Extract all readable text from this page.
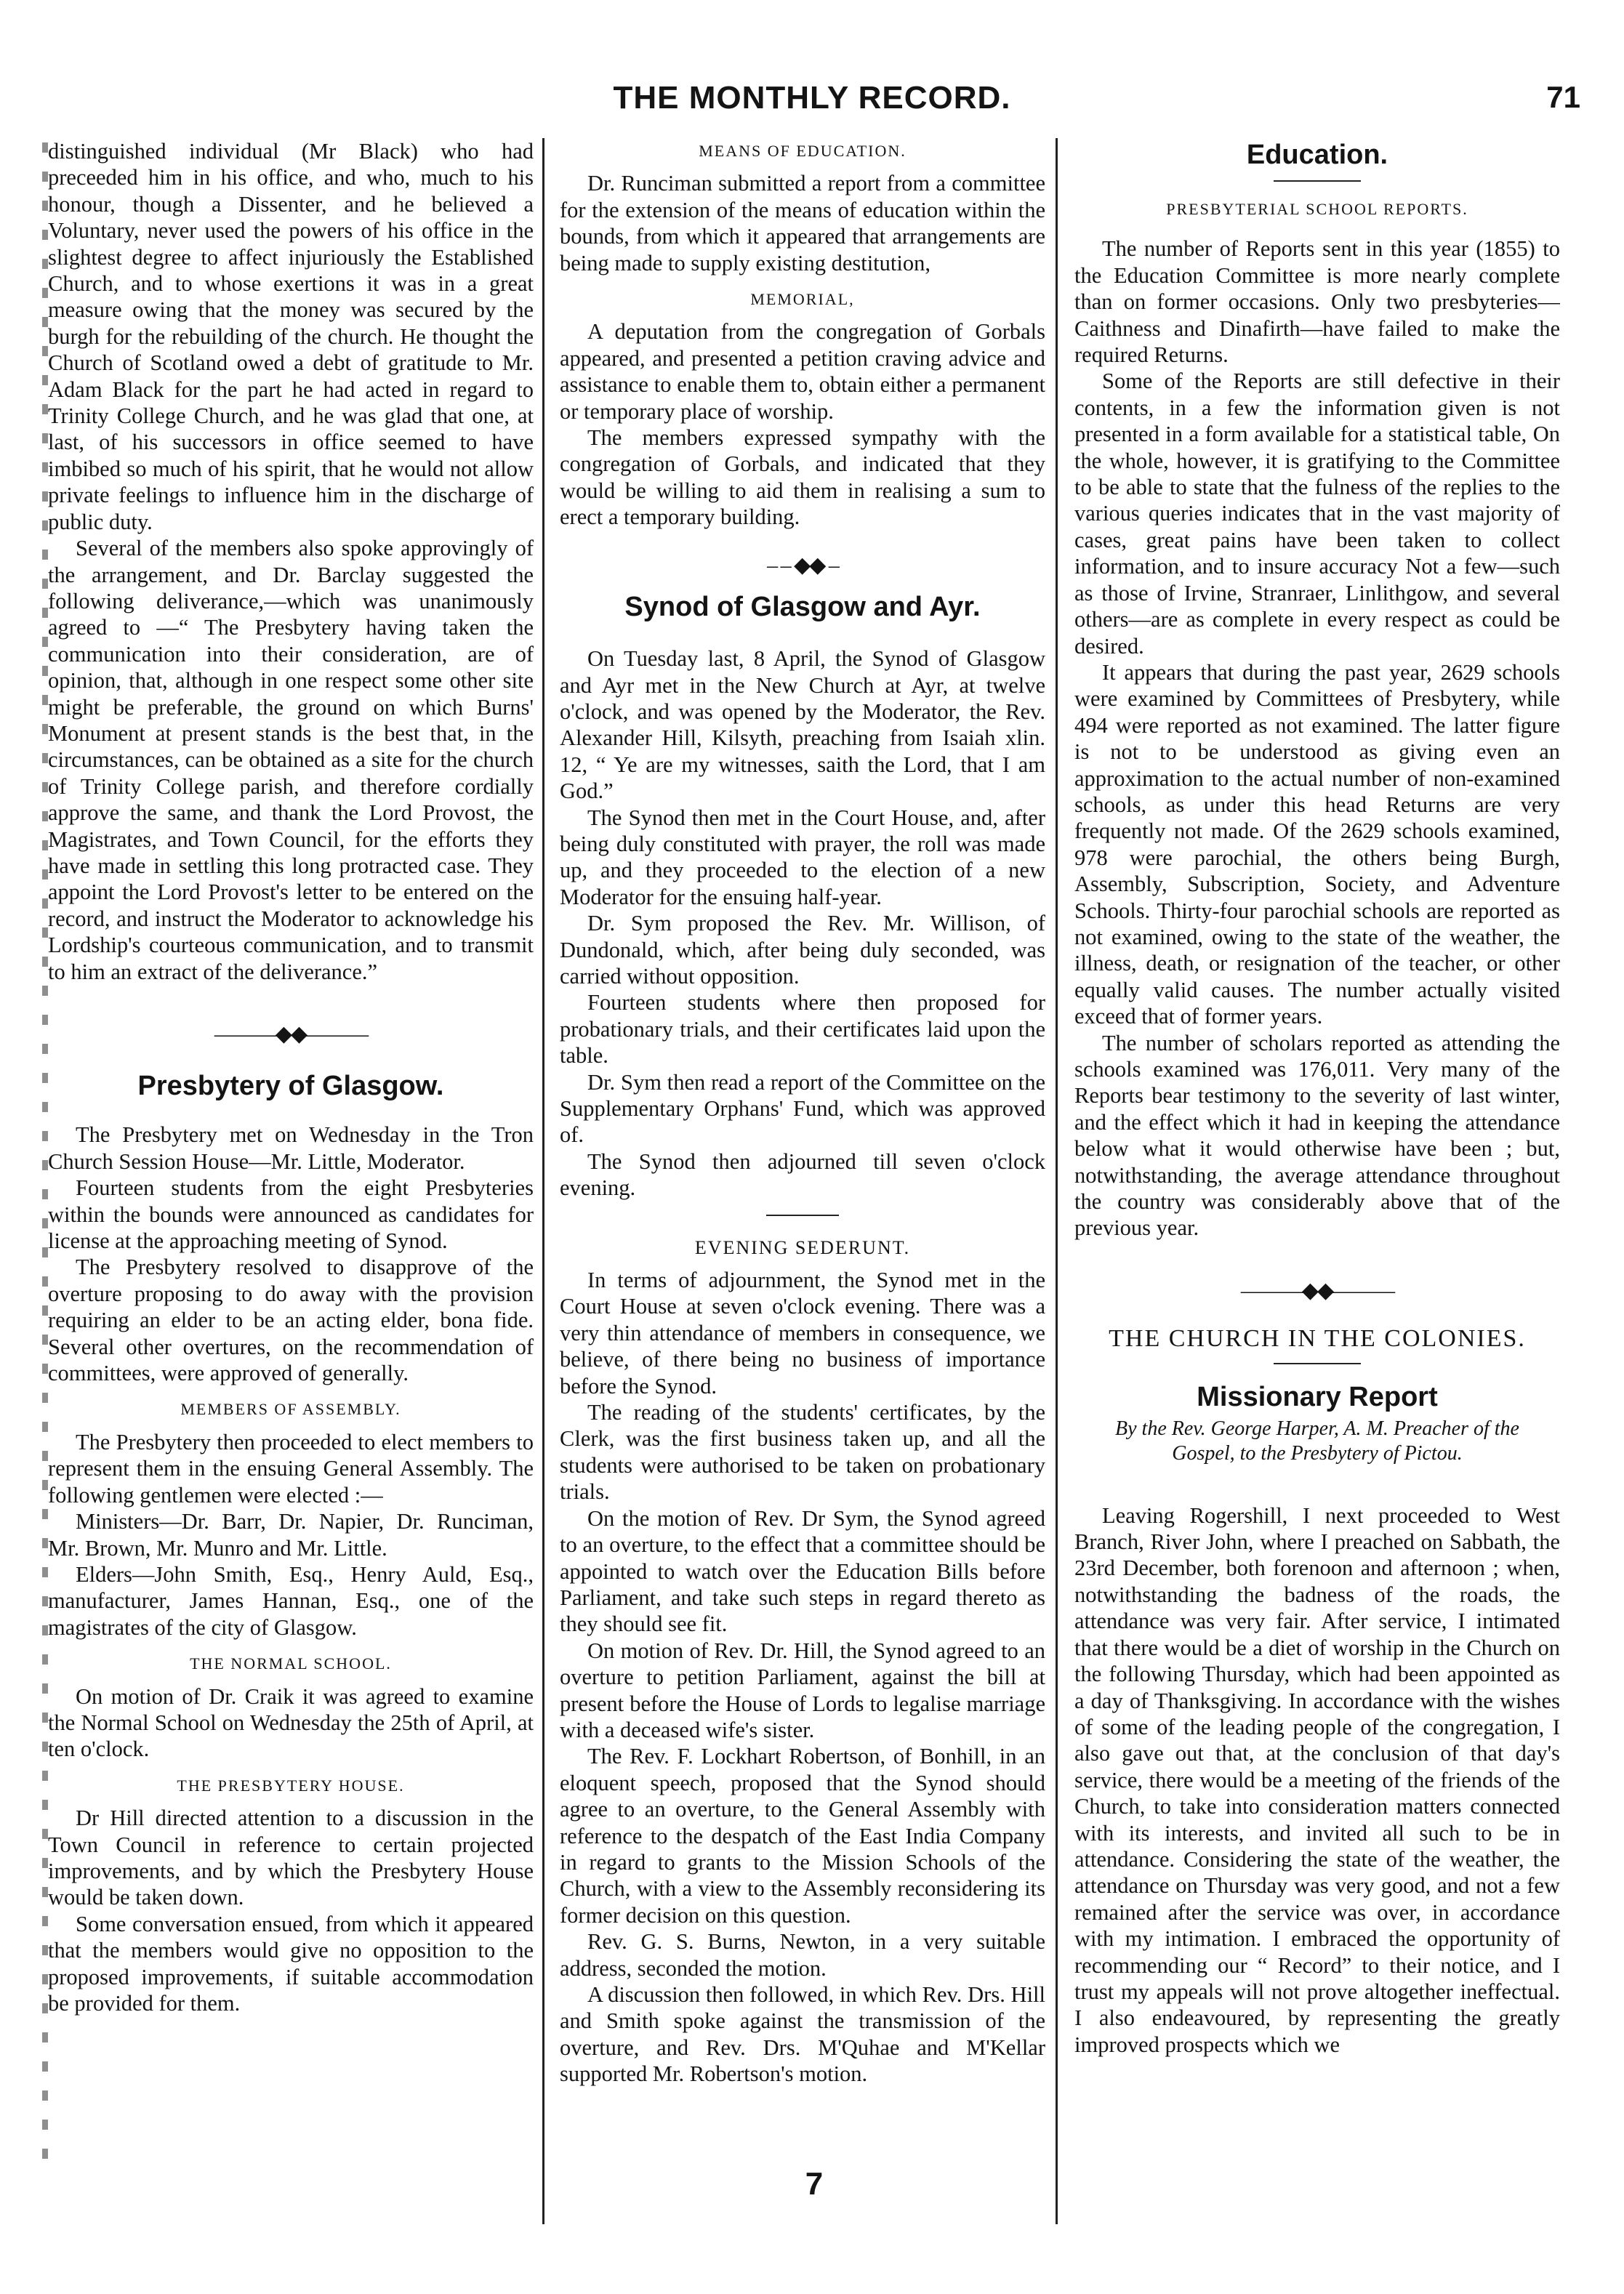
THE MONTHLY RECORD.	71

distinguished individual (Mr Black) who had preceeded him in his office, and who, much to his honour, though a Dissenter, and he believed a Voluntary, never used the powers of his office in the slightest degree to affect injuriously the Established Church, and to whose exertions it was in a great measure owing that the money was secured by the burgh for the rebuilding of the church. He thought the Church of Scotland owed a debt of gratitude to Mr. Adam Black for the part he had acted in regard to Trinity College Church, and he was glad that one, at last, of his successors in office seemed to have imbibed so much of his spirit, that he would not allow private feelings to influence him in the discharge of public duty.

Several of the members also spoke approvingly of the arrangement, and Dr. Barclay suggested the following deliverance,—which was unanimously agreed to —“ The Presbytery having taken the communication into their consideration, are of opinion, that, although in one respect some other site might be preferable, the ground on which Burns' Monument at present stands is the best that, in the circumstances, can be obtained as a site for the church of Trinity College parish, and therefore cordially approve the same, and thank the Lord Provost, the Magistrates, and Town Council, for the efforts they have made in settling this long protracted case. They appoint the Lord Provost's letter to be entered on the record, and instruct the Moderator to acknowledge his Lordship's courteous communication, and to transmit to him an extract of the deliverance.”

———◆◆———
Presbytery of Glasgow.

The Presbytery met on Wednesday in the Tron Church Session House—Mr. Little, Moderator.

Fourteen students from the eight Presbyteries within the bounds were announced as candidates for license at the approaching meeting of Synod.

The Presbytery resolved to disapprove of the overture proposing to do away with the provision requiring an elder to be an acting elder, bona fide. Several other overtures, on the recommendation of committees, were approved of generally.

MEMBERS OF ASSEMBLY.

The Presbytery then proceeded to elect members to represent them in the ensuing General Assembly. The following gentlemen were elected :—

Ministers—Dr. Barr, Dr. Napier, Dr. Runciman, Mr. Brown, Mr. Munro and Mr. Little.

Elders—John Smith, Esq., Henry Auld, Esq., manufacturer, James Hannan, Esq., one of the magistrates of the city of Glasgow.

THE NORMAL SCHOOL.

On motion of Dr. Craik it was agreed to examine the Normal School on Wednesday the 25th of April, at ten o'clock.

THE PRESBYTERY HOUSE.

Dr Hill directed attention to a discussion in the Town Council in reference to certain projected improvements, and by which the Presbytery House would be taken down.

Some conversation ensued, from which it appeared that the members would give no opposition to the proposed improvements, if suitable accommodation be provided for them.

MEANS OF EDUCATION.

Dr. Runciman submitted a report from a committee for the extension of the means of education within the bounds, from which it appeared that arrangements are being made to supply existing destitution,

MEMORIAL,

A deputation from the congregation of Gorbals appeared, and presented a petition craving advice and assistance to enable them to, obtain either a permanent or temporary place of worship.

The members expressed sympathy with the congregation of Gorbals, and indicated that they would be willing to aid them in realising a sum to erect a temporary building.

– – ◆◆ –
Synod of Glasgow and Ayr.

On Tuesday last, 8 April, the Synod of Glasgow and Ayr met in the New Church at Ayr, at twelve o'clock, and was opened by the Moderator, the Rev. Alexander Hill, Kilsyth, preaching from Isaiah xlin. 12, “ Ye are my witnesses, saith the Lord, that I am God.”

The Synod then met in the Court House, and, after being duly constituted with prayer, the roll was made up, and they proceeded to the election of a new Moderator for the ensuing half-year.

Dr. Sym proposed the Rev. Mr. Willison, of Dundonald, which, after being duly seconded, was carried without opposition.

Fourteen students where then proposed for probationary trials, and their certificates laid upon the table.

Dr. Sym then read a report of the Committee on the Supplementary Orphans' Fund, which was approved of.

The Synod then adjourned till seven o'clock evening.

EVENING SEDERUNT.

In terms of adjournment, the Synod met in the Court House at seven o'clock evening. There was a very thin attendance of members in consequence, we believe, of there being no business of importance before the Synod.

The reading of the students' certificates, by the Clerk, was the first business taken up, and all the students were authorised to be taken on probationary trials.

On the motion of Rev. Dr Sym, the Synod agreed to an overture, to the effect that a committee should be appointed to watch over the Education Bills before Parliament, and take such steps in regard thereto as they should see fit.

On motion of Rev. Dr. Hill, the Synod agreed to an overture to petition Parliament, against the bill at present before the House of Lords to legalise marriage with a deceased wife's sister.

The Rev. F. Lockhart Robertson, of Bonhill, in an eloquent speech, proposed that the Synod should agree to an overture, to the General Assembly with reference to the despatch of the East India Company in regard to grants to the Mission Schools of the Church, with a view to the Assembly reconsidering its former decision on this question.

Rev. G. S. Burns, Newton, in a very suitable address, seconded the motion.

A discussion then followed, in which Rev. Drs. Hill and Smith spoke against the transmission of the overture, and Rev. Drs. M'Quhae and M'Kellar supported Mr. Robertson's motion.

Education.
PRESBYTERIAL SCHOOL REPORTS.

The number of Reports sent in this year (1855) to the Education Committee is more nearly complete than on former occasions. Only two presbyteries—Caithness and Dinafirth—have failed to make the required Returns.

Some of the Reports are still defective in their contents, in a few the information given is not presented in a form available for a statistical table, On the whole, however, it is gratifying to the Committee to be able to state that the fulness of the replies to the various queries indicates that in the vast majority of cases, great pains have been taken to collect information, and to insure accuracy Not a few—such as those of Irvine, Stranraer, Linlithgow, and several others—are as complete in every respect as could be desired.

It appears that during the past year, 2629 schools were examined by Committees of Presbytery, while 494 were reported as not examined. The latter figure is not to be understood as giving even an approximation to the actual number of non-examined schools, as under this head Returns are very frequently not made. Of the 2629 schools examined, 978 were parochial, the others being Burgh, Assembly, Subscription, Society, and Adventure Schools. Thirty-four parochial schools are reported as not examined, owing to the state of the weather, the illness, death, or resignation of the teacher, or other equally valid causes. The number actually visited exceed that of former years.

The number of scholars reported as attending the schools examined was 176,011. Very many of the Reports bear testimony to the severity of last winter, and the effect which it had in keeping the attendance below what it would otherwise have been ; but, notwithstanding, the average attendance throughout the country was considerably above that of the previous year.

———◆◆———
THE CHURCH IN THE COLONIES.
Missionary Report
By the Rev. George Harper, A. M. Preacher of the Gospel, to the Presbytery of Pictou.

Leaving Rogershill, I next proceeded to West Branch, River John, where I preached on Sabbath, the 23rd December, both forenoon and afternoon ; when, notwithstanding the badness of the roads, the attendance was very fair. After service, I intimated that there would be a diet of worship in the Church on the following Thursday, which had been appointed as a day of Thanksgiving. In accordance with the wishes of some of the leading people of the congregation, I also gave out that, at the conclusion of that day's service, there would be a meeting of the friends of the Church, to take into consideration matters connected with its interests, and invited all such to be in attendance. Considering the state of the weather, the attendance on Thursday was very good, and not a few remained after the service was over, in accordance with my intimation. I embraced the opportunity of recommending our “ Record” to their notice, and I trust my appeals will not prove altogether ineffectual. I also endeavoured, by representing the greatly improved prospects which we

7
